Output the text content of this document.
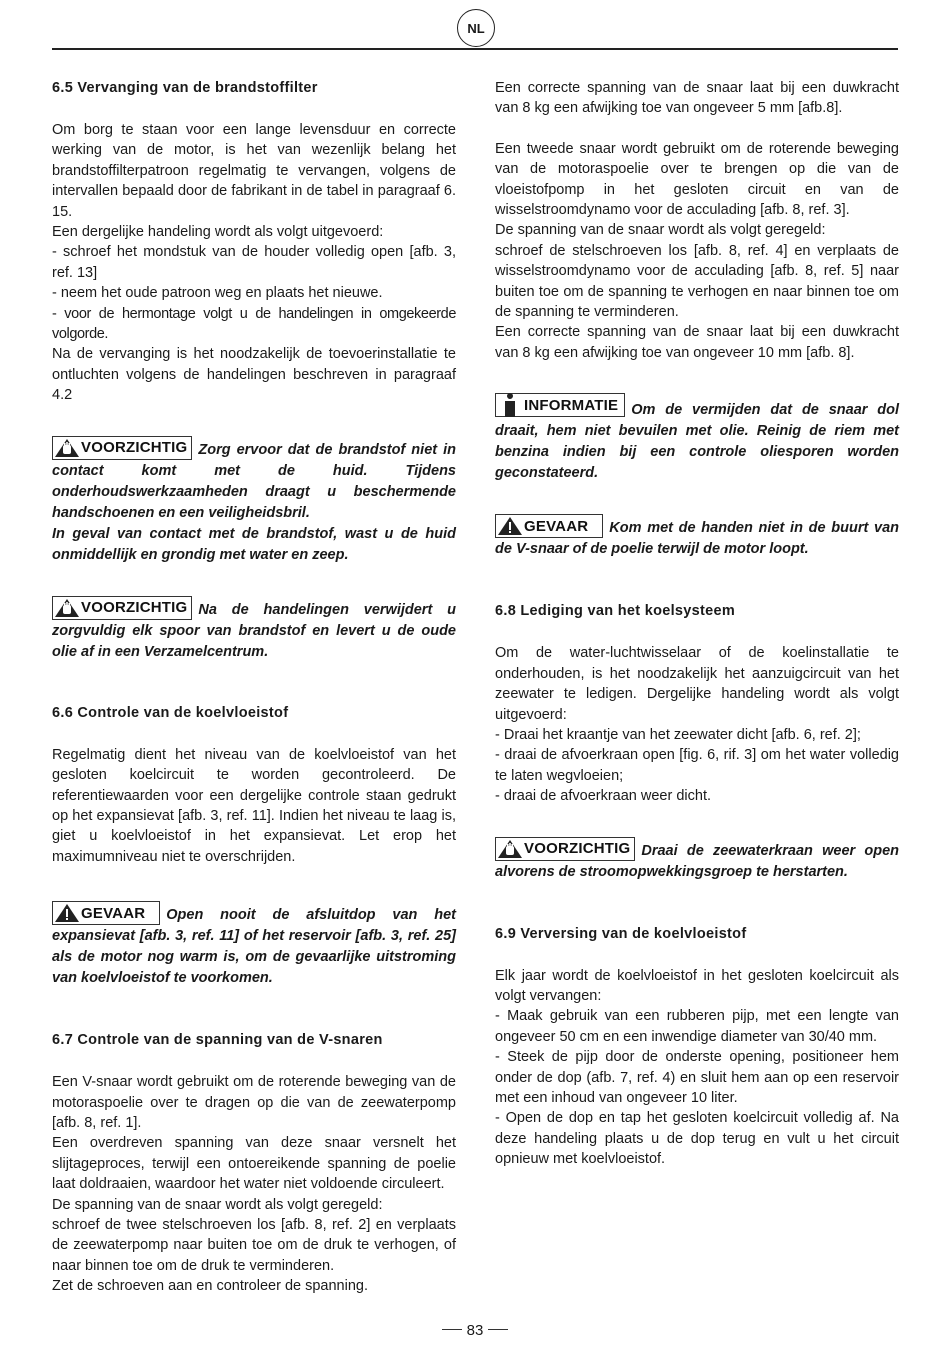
NL
6.5 Vervanging van de brandstoffilter

Om borg te staan voor een lange levensduur en correcte werking van de motor, is het van wezenlijk belang het brandstoffilterpatroon regelmatig te vervangen, volgens de intervallen bepaald door de fabrikant in de tabel in paragraaf 6. 15.

Een dergelijke handeling wordt als volgt uitgevoerd:

- schroef het mondstuk van de houder volledig open [afb. 3, ref. 13]

- neem het oude patroon weg en plaats het nieuwe.

- voor de hermontage volgt u de handelingen in omgekeerde volgorde.

Na de vervanging is het noodzakelijk de toevoerinstallatie te ontluchten volgens de handelingen beschreven in paragraaf 4.2

VOORZICHTIG Zorg ervoor dat de brandstof niet in contact komt met de huid. Tijdens onderhoudswerkzaamheden draagt u beschermende handschoenen en een veiligheidsbril.

In geval van contact met de brandstof, wast u de huid onmiddellijk en grondig met water en zeep.

VOORZICHTIG Na de handelingen verwijdert u zorgvuldig elk spoor van brandstof en levert u de oude olie af in een Verzamelcentrum.

6.6 Controle van de koelvloeistof

Regelmatig dient het niveau van de koelvloeistof van het gesloten koelcircuit te worden gecontroleerd. De referentiewaarden voor een dergelijke controle staan gedrukt op het expansievat [afb. 3, ref. 11]. Indien het niveau te laag is, giet u koelvloeistof in het expansievat. Let erop het maximumniveau niet te overschrijden.

GEVAAR Open nooit de afsluitdop van het expansievat [afb. 3, ref. 11] of het reservoir [afb. 3, ref. 25] als de motor nog warm is, om de gevaarlijke uitstroming van koelvloeistof te voorkomen.

6.7 Controle van de spanning van de V-snaren

Een V-snaar wordt gebruikt om de roterende beweging van de motoraspoelie over te dragen op die van de zeewaterpomp [afb. 8, ref. 1].

Een overdreven spanning van deze snaar versnelt het slijtageproces, terwijl een ontoereikende spanning de poelie laat doldraaien, waardoor het water niet voldoende circuleert.

De spanning van de snaar wordt als volgt geregeld:

schroef de twee stelschroeven los [afb. 8, ref. 2] en verplaats de zeewaterpomp naar buiten toe om de druk te verhogen, of naar binnen toe om de druk te verminderen.

Zet de schroeven aan en controleer de spanning.

Een correcte spanning van de snaar laat bij een duwkracht van 8 kg een afwijking toe van ongeveer 5 mm [afb.8].

Een tweede snaar wordt gebruikt om de roterende beweging van de motoraspoelie over te brengen op die van de vloeistofpomp in het gesloten circuit en van de wisselstroomdynamo voor de acculading [afb. 8, ref. 3].

De spanning van de snaar wordt als volgt geregeld:

schroef de stelschroeven los [afb. 8, ref. 4] en verplaats de wisselstroomdynamo voor de acculading [afb. 8, ref. 5] naar buiten toe om de spanning te verhogen en naar binnen toe om de spanning te verminderen.

Een correcte spanning van de snaar laat bij een duwkracht van 8 kg een afwijking toe van ongeveer 10 mm [afb. 8].

INFORMATIE Om de vermijden dat de snaar dol draait, hem niet bevuilen met olie. Reinig de riem met benzina indien bij een controle oliesporen worden geconstateerd.

GEVAAR Kom met de handen niet in de buurt van de V-snaar of de poelie terwijl de motor loopt.

6.8 Lediging van het koelsysteem

Om de water-luchtwisselaar of de koelinstallatie te onderhouden, is het noodzakelijk het aanzuigcircuit van het zeewater te ledigen. Dergelijke handeling wordt als volgt uitgevoerd:

- Draai het kraantje van het zeewater dicht [afb. 6, ref. 2];

- draai de afvoerkraan open [fig. 6, rif. 3] om het water volledig te laten wegvloeien;

- draai de afvoerkraan weer dicht.

VOORZICHTIG Draai de zeewaterkraan weer open alvorens de stroomopwekkingsgroep te herstarten.

6.9 Verversing van de koelvloeistof

Elk jaar wordt de koelvloeistof in het gesloten koelcircuit als volgt vervangen:

- Maak gebruik van een rubberen pijp, met een lengte van ongeveer 50 cm en een inwendige diameter van 30/40 mm.

- Steek de pijp door de onderste opening, positioneer hem onder de dop (afb. 7, ref. 4) en sluit hem aan op een reservoir met een inhoud van ongeveer 10 liter.

- Open de dop en tap het gesloten koelcircuit volledig af. Na deze handeling plaats u de dop terug en vult u het circuit opnieuw met koelvloeistof.

83
